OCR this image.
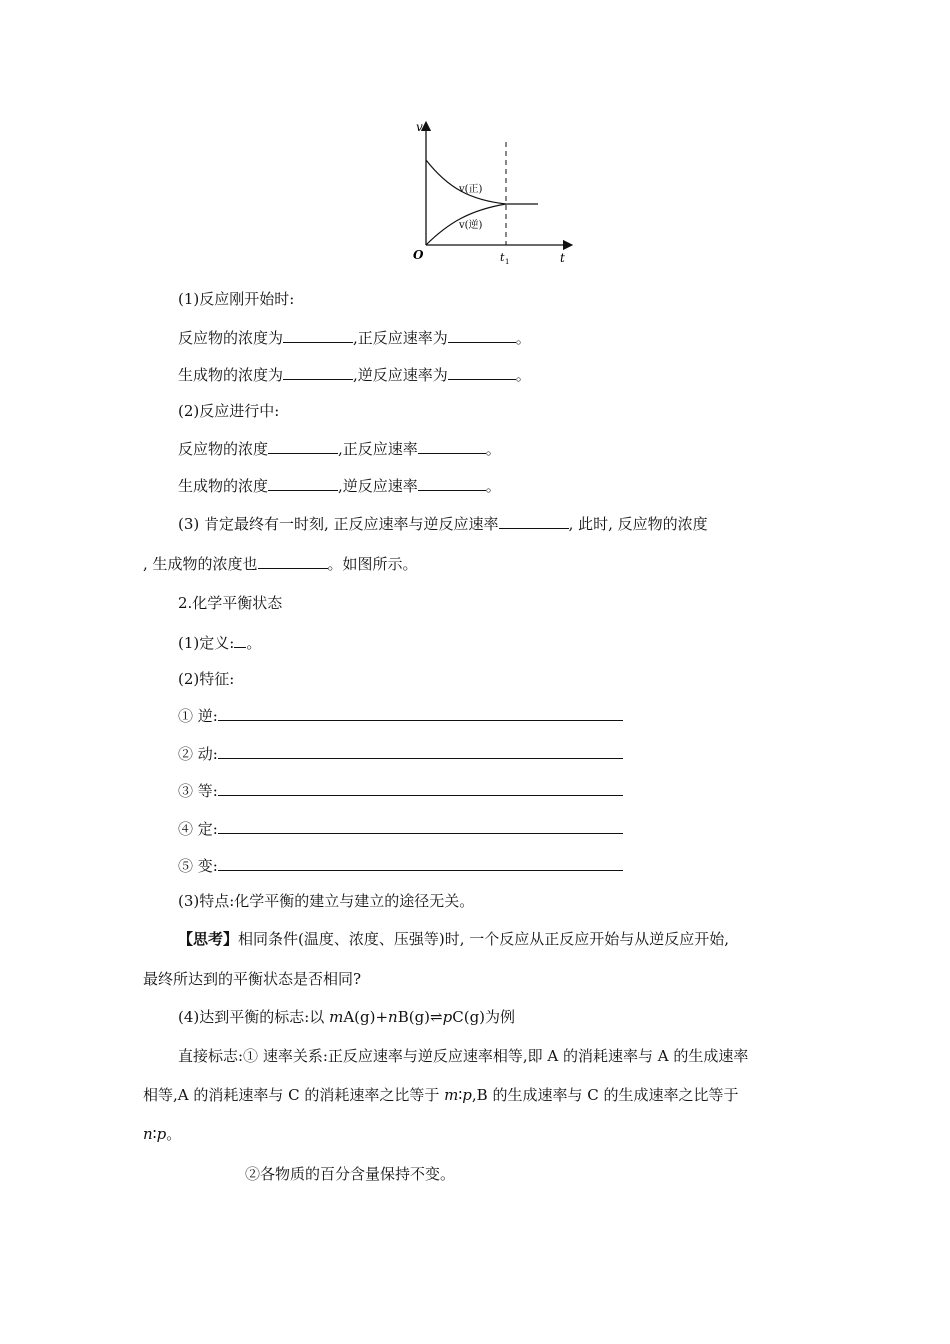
v
t
O	t 1
v(正)
v(逆)
(1)反应刚开始时:
反应物的浓度为	,正反应速率为	。
生成物的浓度为	,逆反应速率为	。
(2)反应进行中:
反应物的浓度	,正反应速率	。
生成物的浓度	,逆反应速率	。
(3) 肯定最终有一时刻, 正反应速率与逆反应速率	, 此时, 反应物的浓度
, 生成物的浓度也	。如图所示。
2.化学平衡状态
(1)定义: 。
(2)特征:
① 逆:
② 动:
③ 等:
④ 定:
⑤ 变:
(3)特点:化学平衡的建立与建立的途径无关。
【思考】相同条件(温度、浓度、压强等)时, 一个反应从正反应开始与从逆反应开始,
最终所达到的平衡状态是否相同?
(4)达到平衡的标志:以 mA(g)+nB(g)⇌pC(g)为例
直接标志:① 速率关系:正反应速率与逆反应速率相等,即 A 的消耗速率与 A 的生成速率
相等,A 的消耗速率与 C 的消耗速率之比等于 m∶p,B 的生成速率与 C 的生成速率之比等于
n∶p。
②各物质的百分含量保持不变。
